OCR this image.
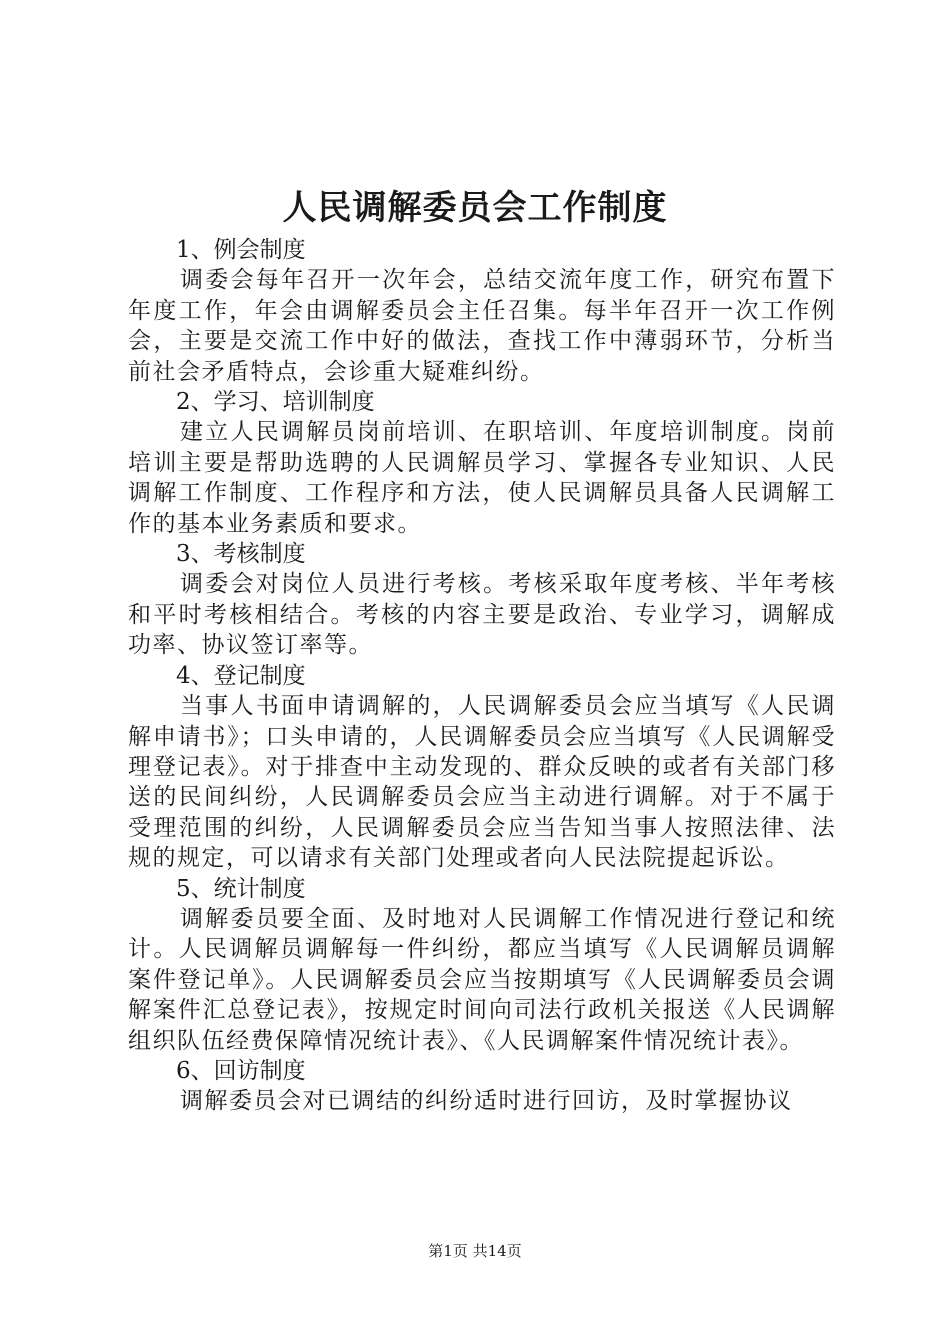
人民调解委员会工作制度

1、例会制度

调委会每年召开一次年会，总结交流年度工作，研究布置下年度工作，年会由调解委员会主任召集。每半年召开一次工作例会，主要是交流工作中好的做法，查找工作中薄弱环节，分析当前社会矛盾特点，会诊重大疑难纠纷。

2、学习、培训制度

建立人民调解员岗前培训、在职培训、年度培训制度。岗前培训主要是帮助选聘的人民调解员学习、掌握各专业知识、人民调解工作制度、工作程序和方法，使人民调解员具备人民调解工作的基本业务素质和要求。

3、考核制度

调委会对岗位人员进行考核。考核采取年度考核、半年考核和平时考核相结合。考核的内容主要是政治、专业学习，调解成功率、协议签订率等。

4、登记制度

当事人书面申请调解的，人民调解委员会应当填写《人民调解申请书》；口头申请的，人民调解委员会应当填写《人民调解受理登记表》。对于排查中主动发现的、群众反映的或者有关部门移送的民间纠纷，人民调解委员会应当主动进行调解。对于不属于受理范围的纠纷，人民调解委员会应当告知当事人按照法律、法规的规定，可以请求有关部门处理或者向人民法院提起诉讼。

5、统计制度

调解委员要全面、及时地对人民调解工作情况进行登记和统计。人民调解员调解每一件纠纷，都应当填写《人民调解员调解案件登记单》。人民调解委员会应当按期填写《人民调解委员会调解案件汇总登记表》，按规定时间向司法行政机关报送《人民调解组织队伍经费保障情况统计表》、《人民调解案件情况统计表》。

6、回访制度

调解委员会对已调结的纠纷适时进行回访，及时掌握协议

第1页 共14页
